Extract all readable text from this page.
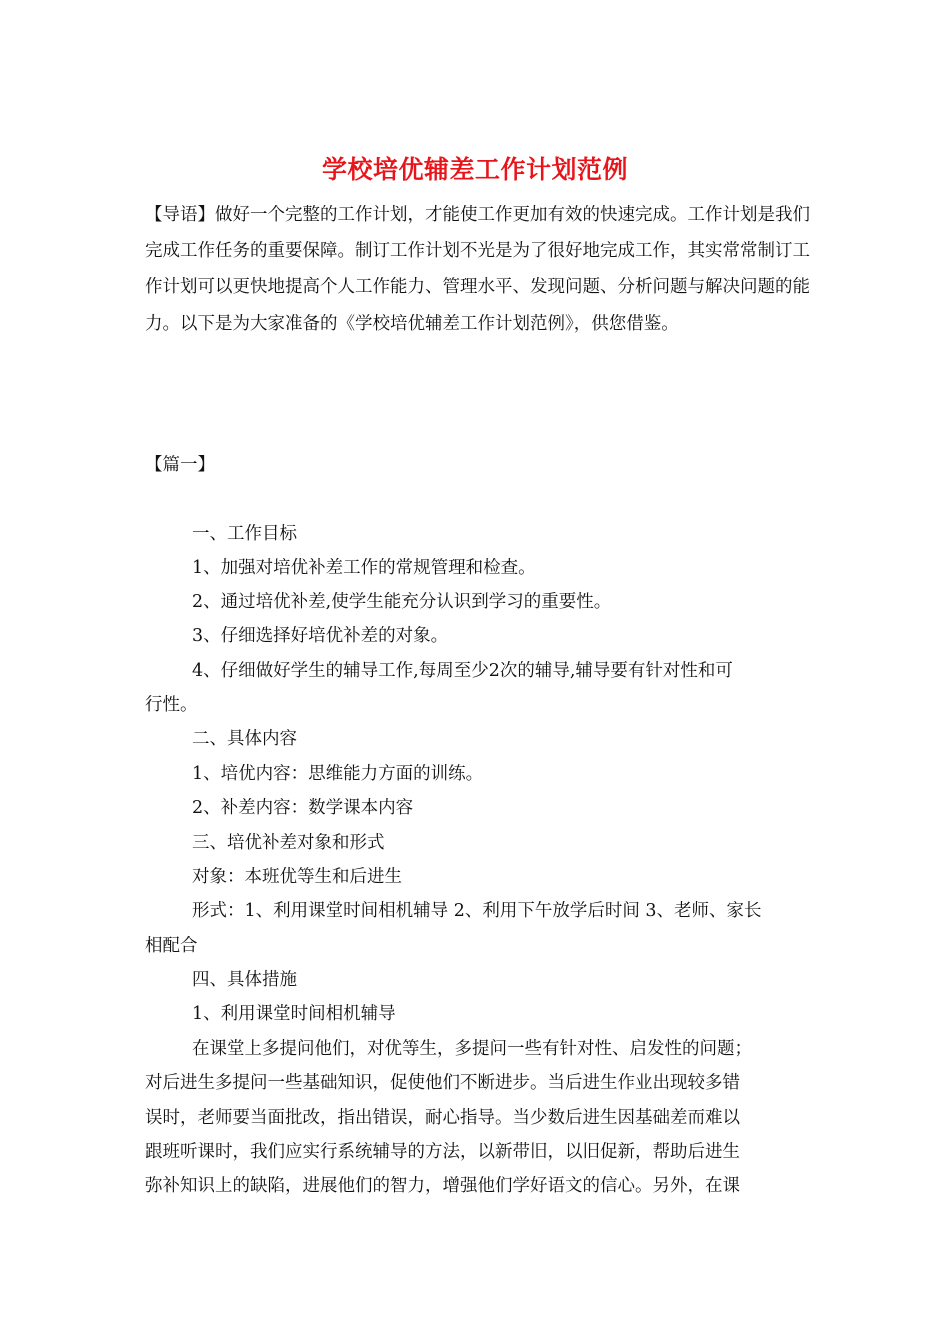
学校培优辅差工作计划范例
【导语】做好一个完整的工作计划，才能使工作更加有效的快速完成。工作计划是我们完成工作任务的重要保障。制订工作计划不光是为了很好地完成工作，其实常常制订工作计划可以更快地提高个人工作能力、管理水平、发现问题、分析问题与解决问题的能力。以下是为大家准备的《学校培优辅差工作计划范例》，供您借鉴。
【篇一】
一、工作目标
1、加强对培优补差工作的常规管理和检查。
2、通过培优补差,使学生能充分认识到学习的重要性。
3、仔细选择好培优补差的对象。
4、仔细做好学生的辅导工作,每周至少2次的辅导,辅导要有针对性和可
行性。
二、具体内容
1、培优内容：思维能力方面的训练。
2、补差内容：数学课本内容
三、培优补差对象和形式
对象：本班优等生和后进生
形式：1、利用课堂时间相机辅导 2、利用下午放学后时间 3、老师、家长
相配合
四、具体措施
1、利用课堂时间相机辅导
在课堂上多提问他们，对优等生，多提问一些有针对性、启发性的问题；
对后进生多提问一些基础知识，促使他们不断进步。当后进生作业出现较多错
误时，老师要当面批改，指出错误，耐心指导。当少数后进生因基础差而难以
跟班听课时，我们应实行系统辅导的方法，以新带旧，以旧促新，帮助后进生
弥补知识上的缺陷，进展他们的智力，增强他们学好语文的信心。另外，在课
